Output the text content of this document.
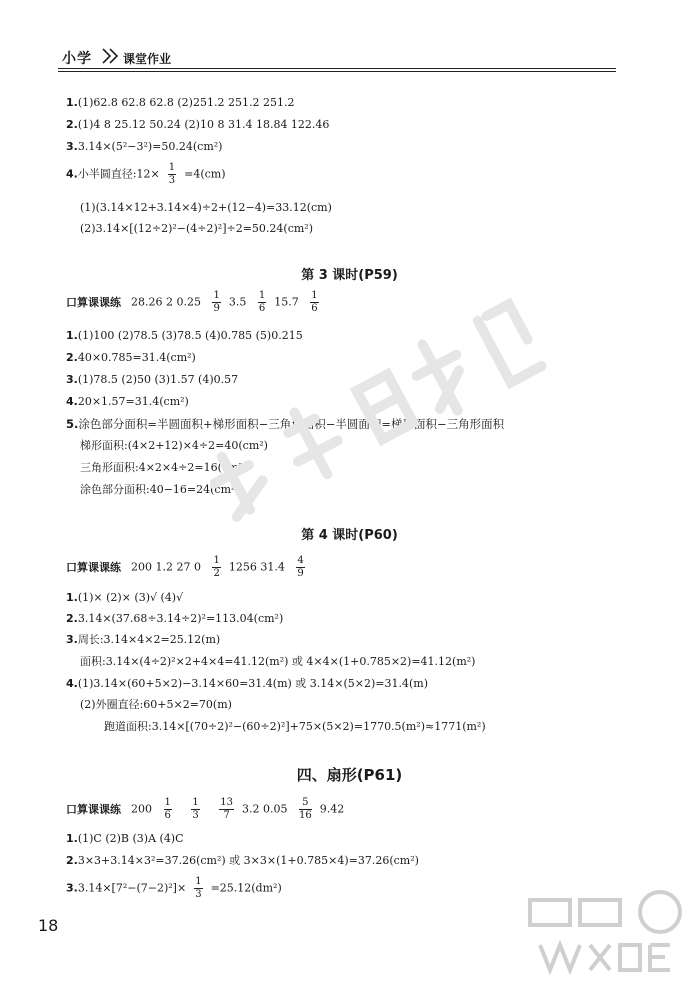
小学	课堂作业
1.(1)62.8 62.8 62.8 (2)251.2 251.2 251.2
2.(1)4 8 25.12 50.24 (2)10 8 31.4 18.84 122.46
3.3.14×(5²−3²)=50.24(cm²)
4.小半圆直径:12× $\frac{1}{3} =4(cm)$
(1)(3.14×12+3.14×4)÷2+(12−4)=33.12(cm)
(2)3.14×[(12÷2)²−(4÷2)²]÷2=50.24(cm²)
第 3 课时(P59)
口算课课练 28.26 2 $0.25 \frac{1}{9} 3.5 \frac{1}{6} 15.7 \frac{1}{6}$
1.(1)100 (2)78.5 (3)78.5 (4)0.785 (5)0.215
2.40×0.785=31.4(cm²)
3.(1)78.5 (2)50 (3)1.57 (4)0.57
4.20×1.57=31.4(cm²)
5.涂色部分面积=半圆面积+梯形面积−三角形面积−半圆面积=梯形面积−三角形面积
梯形面积:(4×2+12)×4÷2=40(cm²)
三角形面积:4×2×4÷2=16(cm²)
涂色部分面积:40−16=24(cm²)
第 4 课时(P60)
口算课课练 200 1.2 27 $0 \frac{1}{2} 1256$ $31.4 \frac{4}{9}$
1.(1)× (2)× (3)√ (4)√
2.3.14×(37.68÷3.14÷2)²=113.04(cm²)
3.周长:3.14×4×2=25.12(m)
面积:3.14×(4÷2)²×2+4×4=41.12(m²) 或 4×4×(1+0.785×2)=41.12(m²)
4.(1)3.14×(60+5×2)−3.14×60=31.4(m) 或 3.14×(5×2)=31.4(m)
(2)外圈直径:60+5×2=70(m)
跑道面积:3.14×[(70÷2)²−(60÷2)²]+75×(5×2)=1770.5(m²)≈1771(m²)
四、扇形(P61)
口算课课练 $200 \frac{1}{6}$
$\frac{1}{3}$
$\frac{13}{7} 3.2$ $0.05 \frac{5}{16} 9.42$
1.(1)C (2)B (3)A (4)C
2.3×3+3.14×3²=37.26(cm²) 或 3×3×(1+0.785×4)=37.26(cm²)
$3.3.14\times[7^2-(7-2)^2]\times \frac{1}{3} =25.12(dm^2)$
18
